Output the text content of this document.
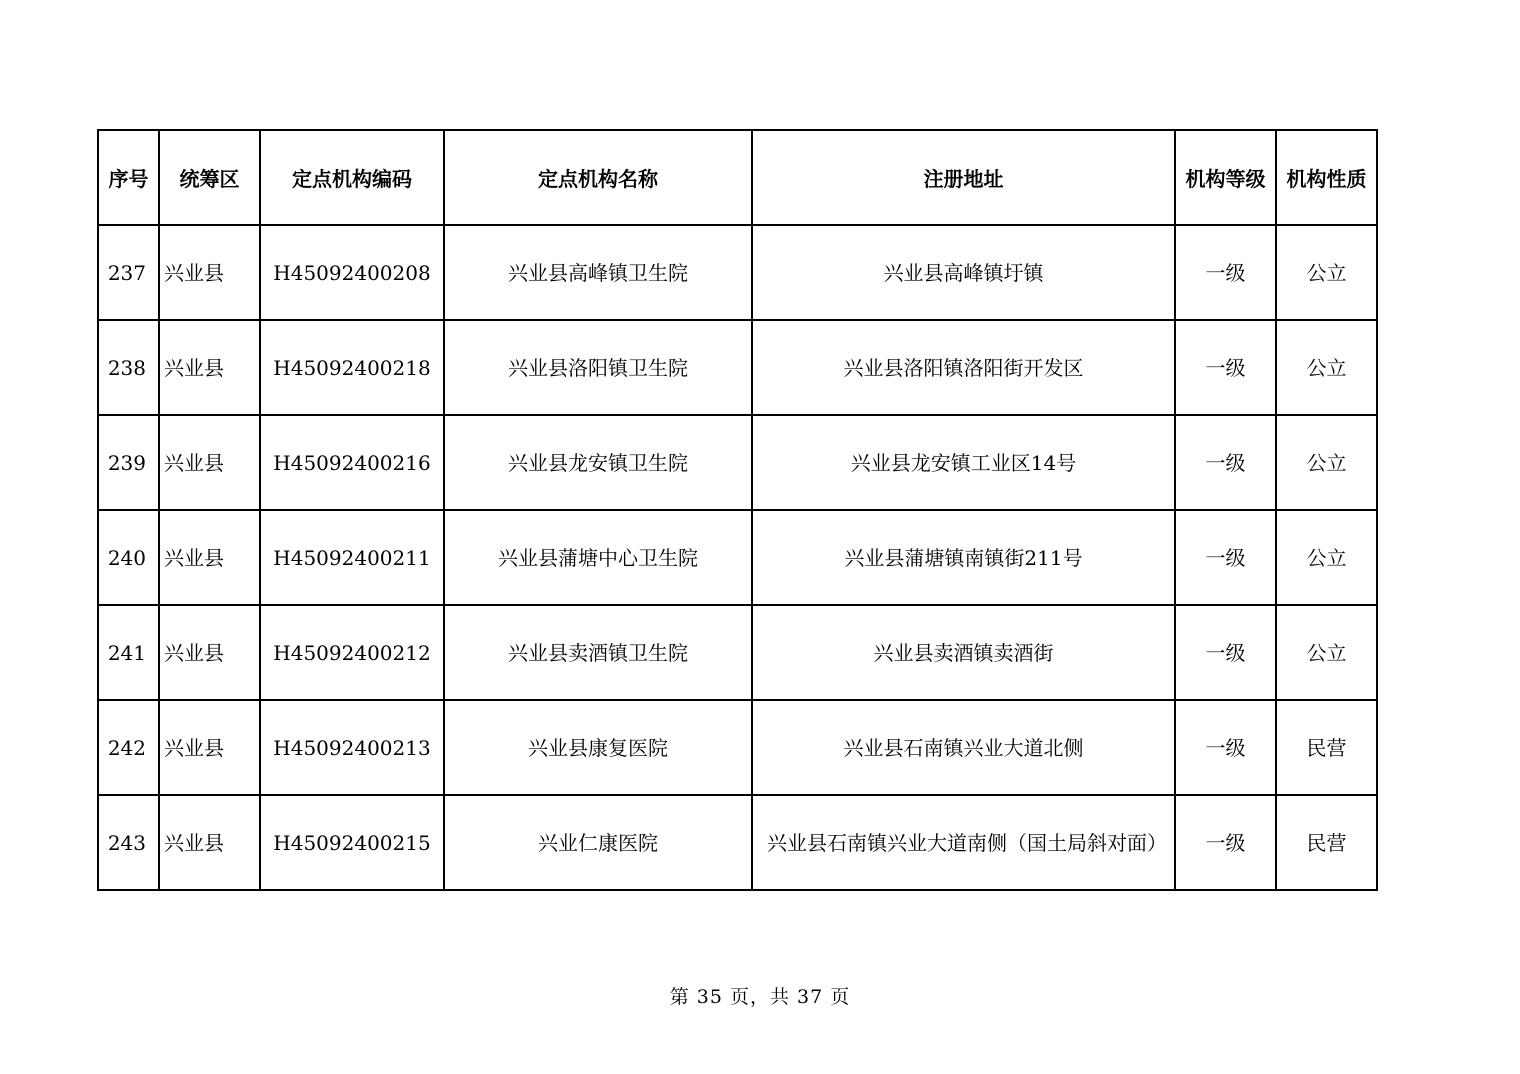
序号	统筹区	定点机构编码	定点机构名称	注册地址	机构等级	机构性质
237	兴业县	H45092400208	兴业县高峰镇卫生院	兴业县高峰镇圩镇	一级	公立
238	兴业县	H45092400218	兴业县洛阳镇卫生院	兴业县洛阳镇洛阳街开发区	一级	公立
239	兴业县	H45092400216	兴业县龙安镇卫生院	兴业县龙安镇工业区14号	一级	公立
240	兴业县	H45092400211	兴业县蒲塘中心卫生院	兴业县蒲塘镇南镇街211号	一级	公立
241	兴业县	H45092400212	兴业县卖酒镇卫生院	兴业县卖酒镇卖酒街	一级	公立
242	兴业县	H45092400213	兴业县康复医院	兴业县石南镇兴业大道北侧	一级	民营
243	兴业县	H45092400215	兴业仁康医院	兴业县石南镇兴业大道南侧（国土局斜对面）	一级	民营
第 35 页，共 37 页
